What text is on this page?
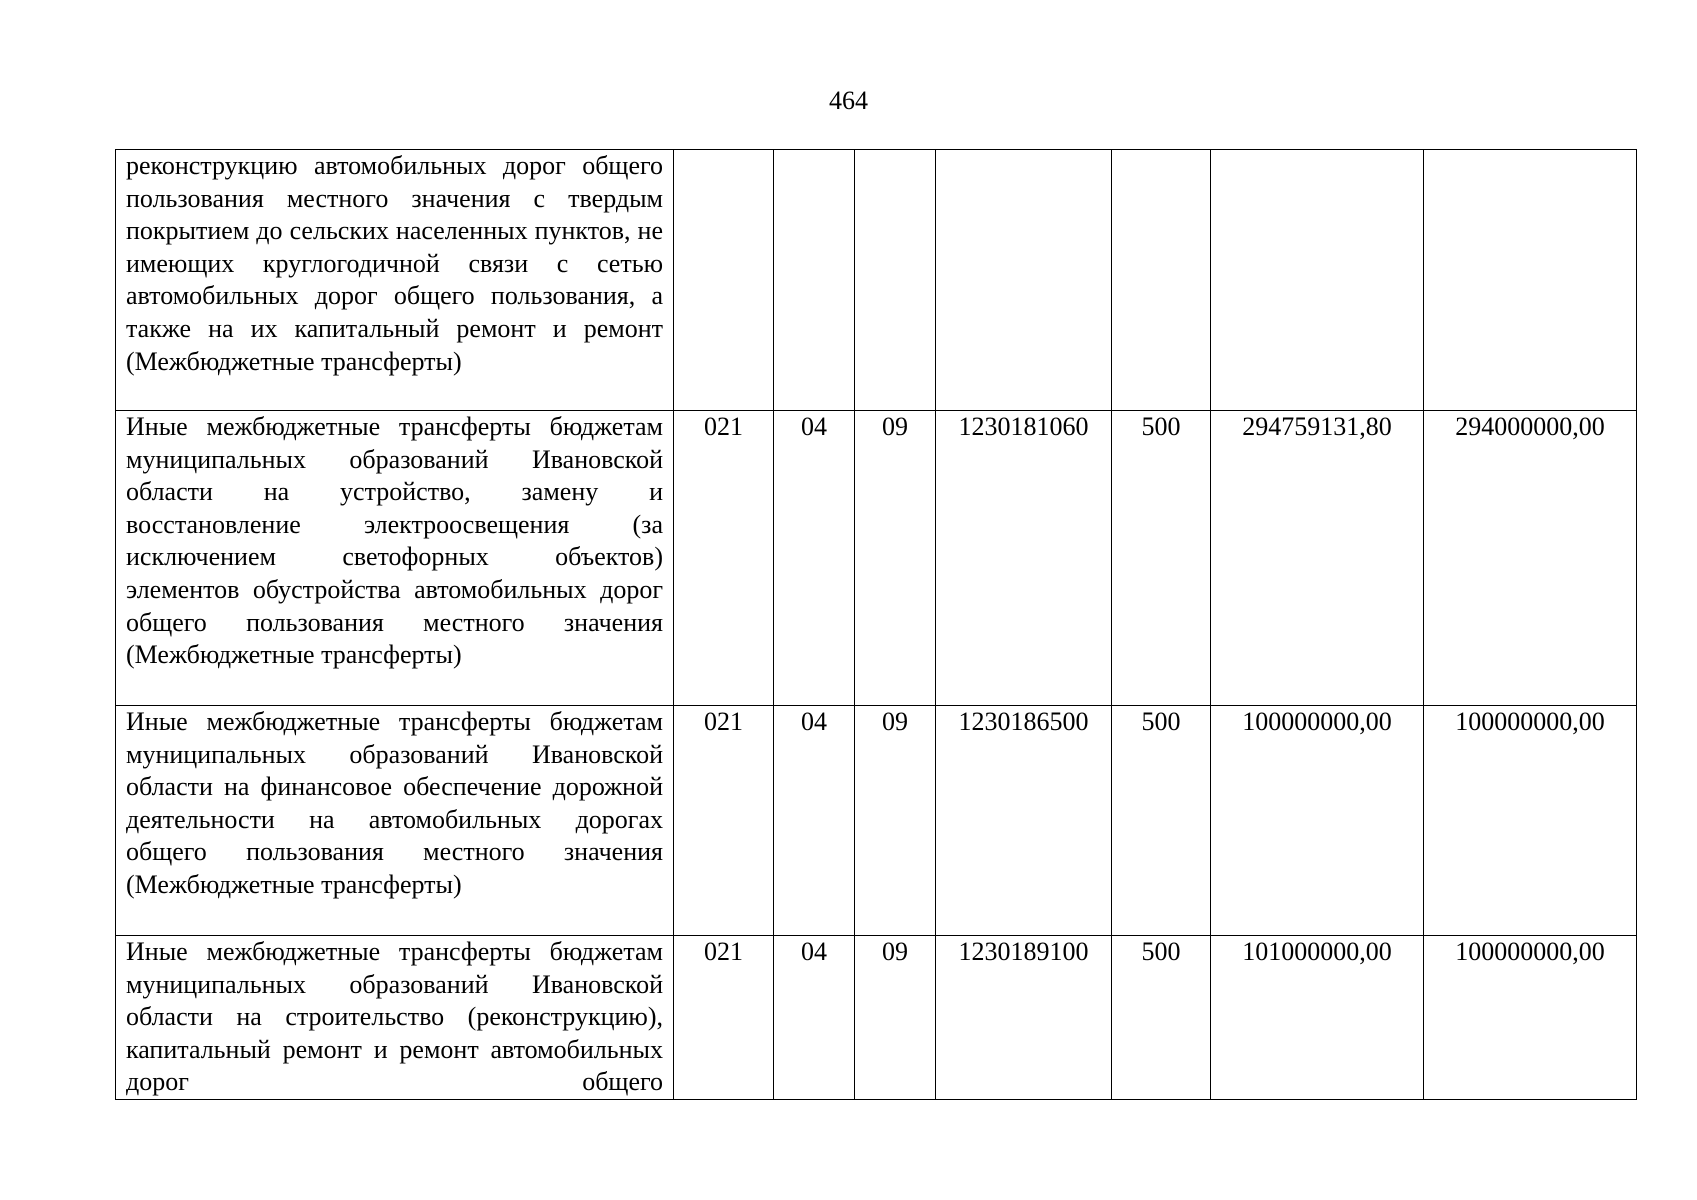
464
реконструкцию автомобильных дорог общего пользования местного значения с твердым покрытием до сельских населенных пунктов, не имеющих круглогодичной связи с сетью автомобильных дорог общего пользования, а также на их капитальный ремонт и ремонт (Межбюджетные трансферты)							
Иные межбюджетные трансферты бюджетам муниципальных образований Ивановской области на устройство, замену и восстановление электроосвещения (за исключением светофорных объектов) элементов обустройства автомобильных дорог общего пользования местного значения (Межбюджетные трансферты)	021	04	09	1230181060	500	294759131,80	294000000,00
Иные межбюджетные трансферты бюджетам муниципальных образований Ивановской области на финансовое обеспечение дорожной деятельности на автомобильных дорогах общего пользования местного значения (Межбюджетные трансферты)	021	04	09	1230186500	500	100000000,00	100000000,00
Иные межбюджетные трансферты бюджетам муниципальных образований Ивановской области на строительство (реконструкцию), капитальный ремонт и ремонт автомобильных дорог общего	021	04	09	1230189100	500	101000000,00	100000000,00
